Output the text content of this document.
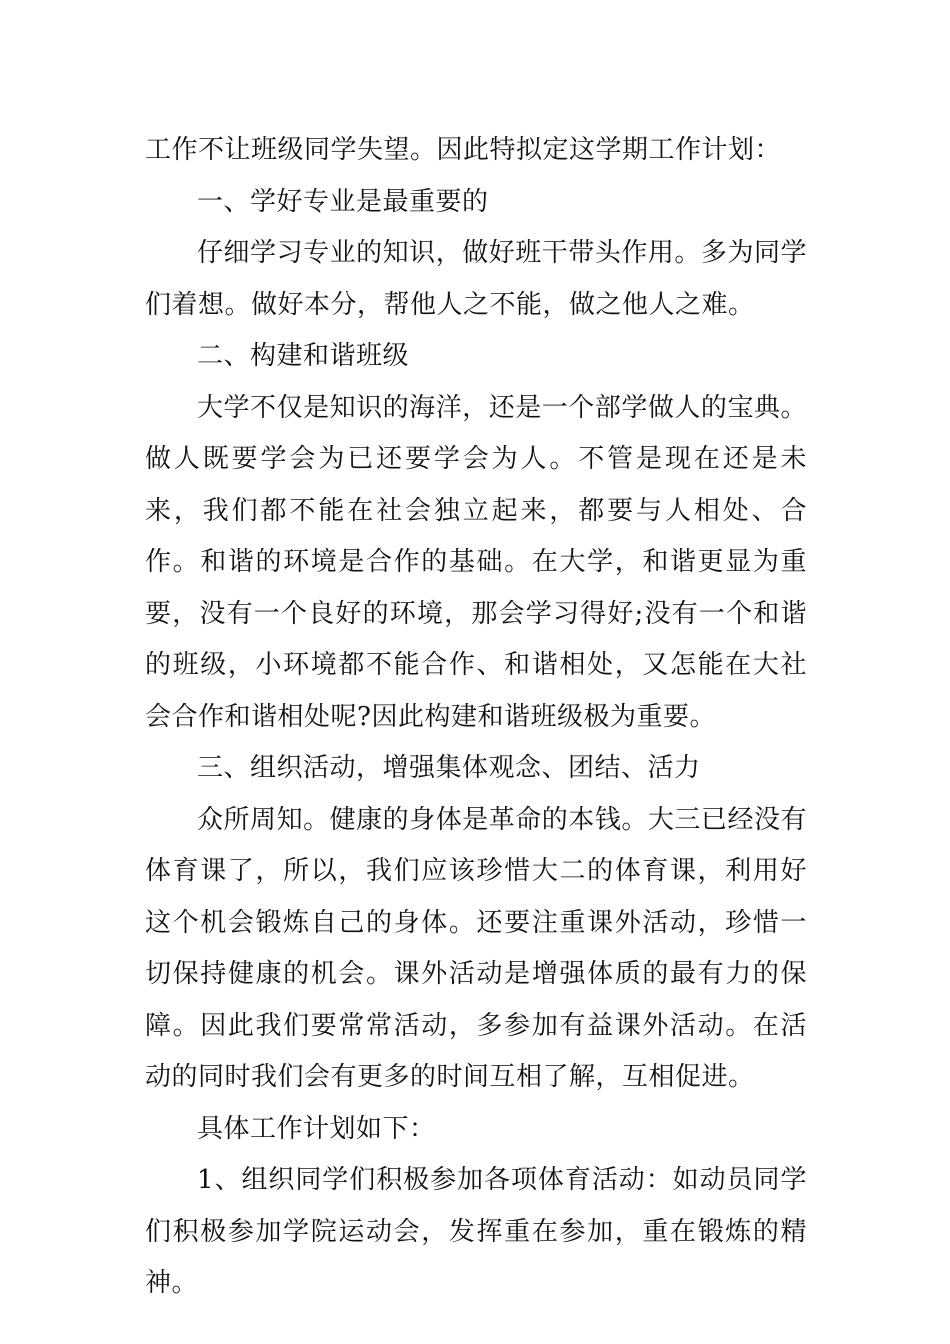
工作不让班级同学失望。因此特拟定这学期工作计划：

一、学好专业是最重要的

仔细学习专业的知识，做好班干带头作用。多为同学们着想。做好本分，帮他人之不能，做之他人之难。

二、构建和谐班级

大学不仅是知识的海洋，还是一个部学做人的宝典。做人既要学会为已还要学会为人。不管是现在还是未来，我们都不能在社会独立起来，都要与人相处、合作。和谐的环境是合作的基础。在大学，和谐更显为重要，没有一个良好的环境，那会学习得好;没有一个和谐的班级，小环境都不能合作、和谐相处，又怎能在大社会合作和谐相处呢?因此构建和谐班级极为重要。

三、组织活动，增强集体观念、团结、活力

众所周知。健康的身体是革命的本钱。大三已经没有体育课了，所以，我们应该珍惜大二的体育课，利用好这个机会锻炼自己的身体。还要注重课外活动，珍惜一切保持健康的机会。课外活动是增强体质的最有力的保障。因此我们要常常活动，多参加有益课外活动。在活动的同时我们会有更多的时间互相了解，互相促进。

具体工作计划如下：

1、组织同学们积极参加各项体育活动：如动员同学们积极参加学院运动会，发挥重在参加，重在锻炼的精神。
